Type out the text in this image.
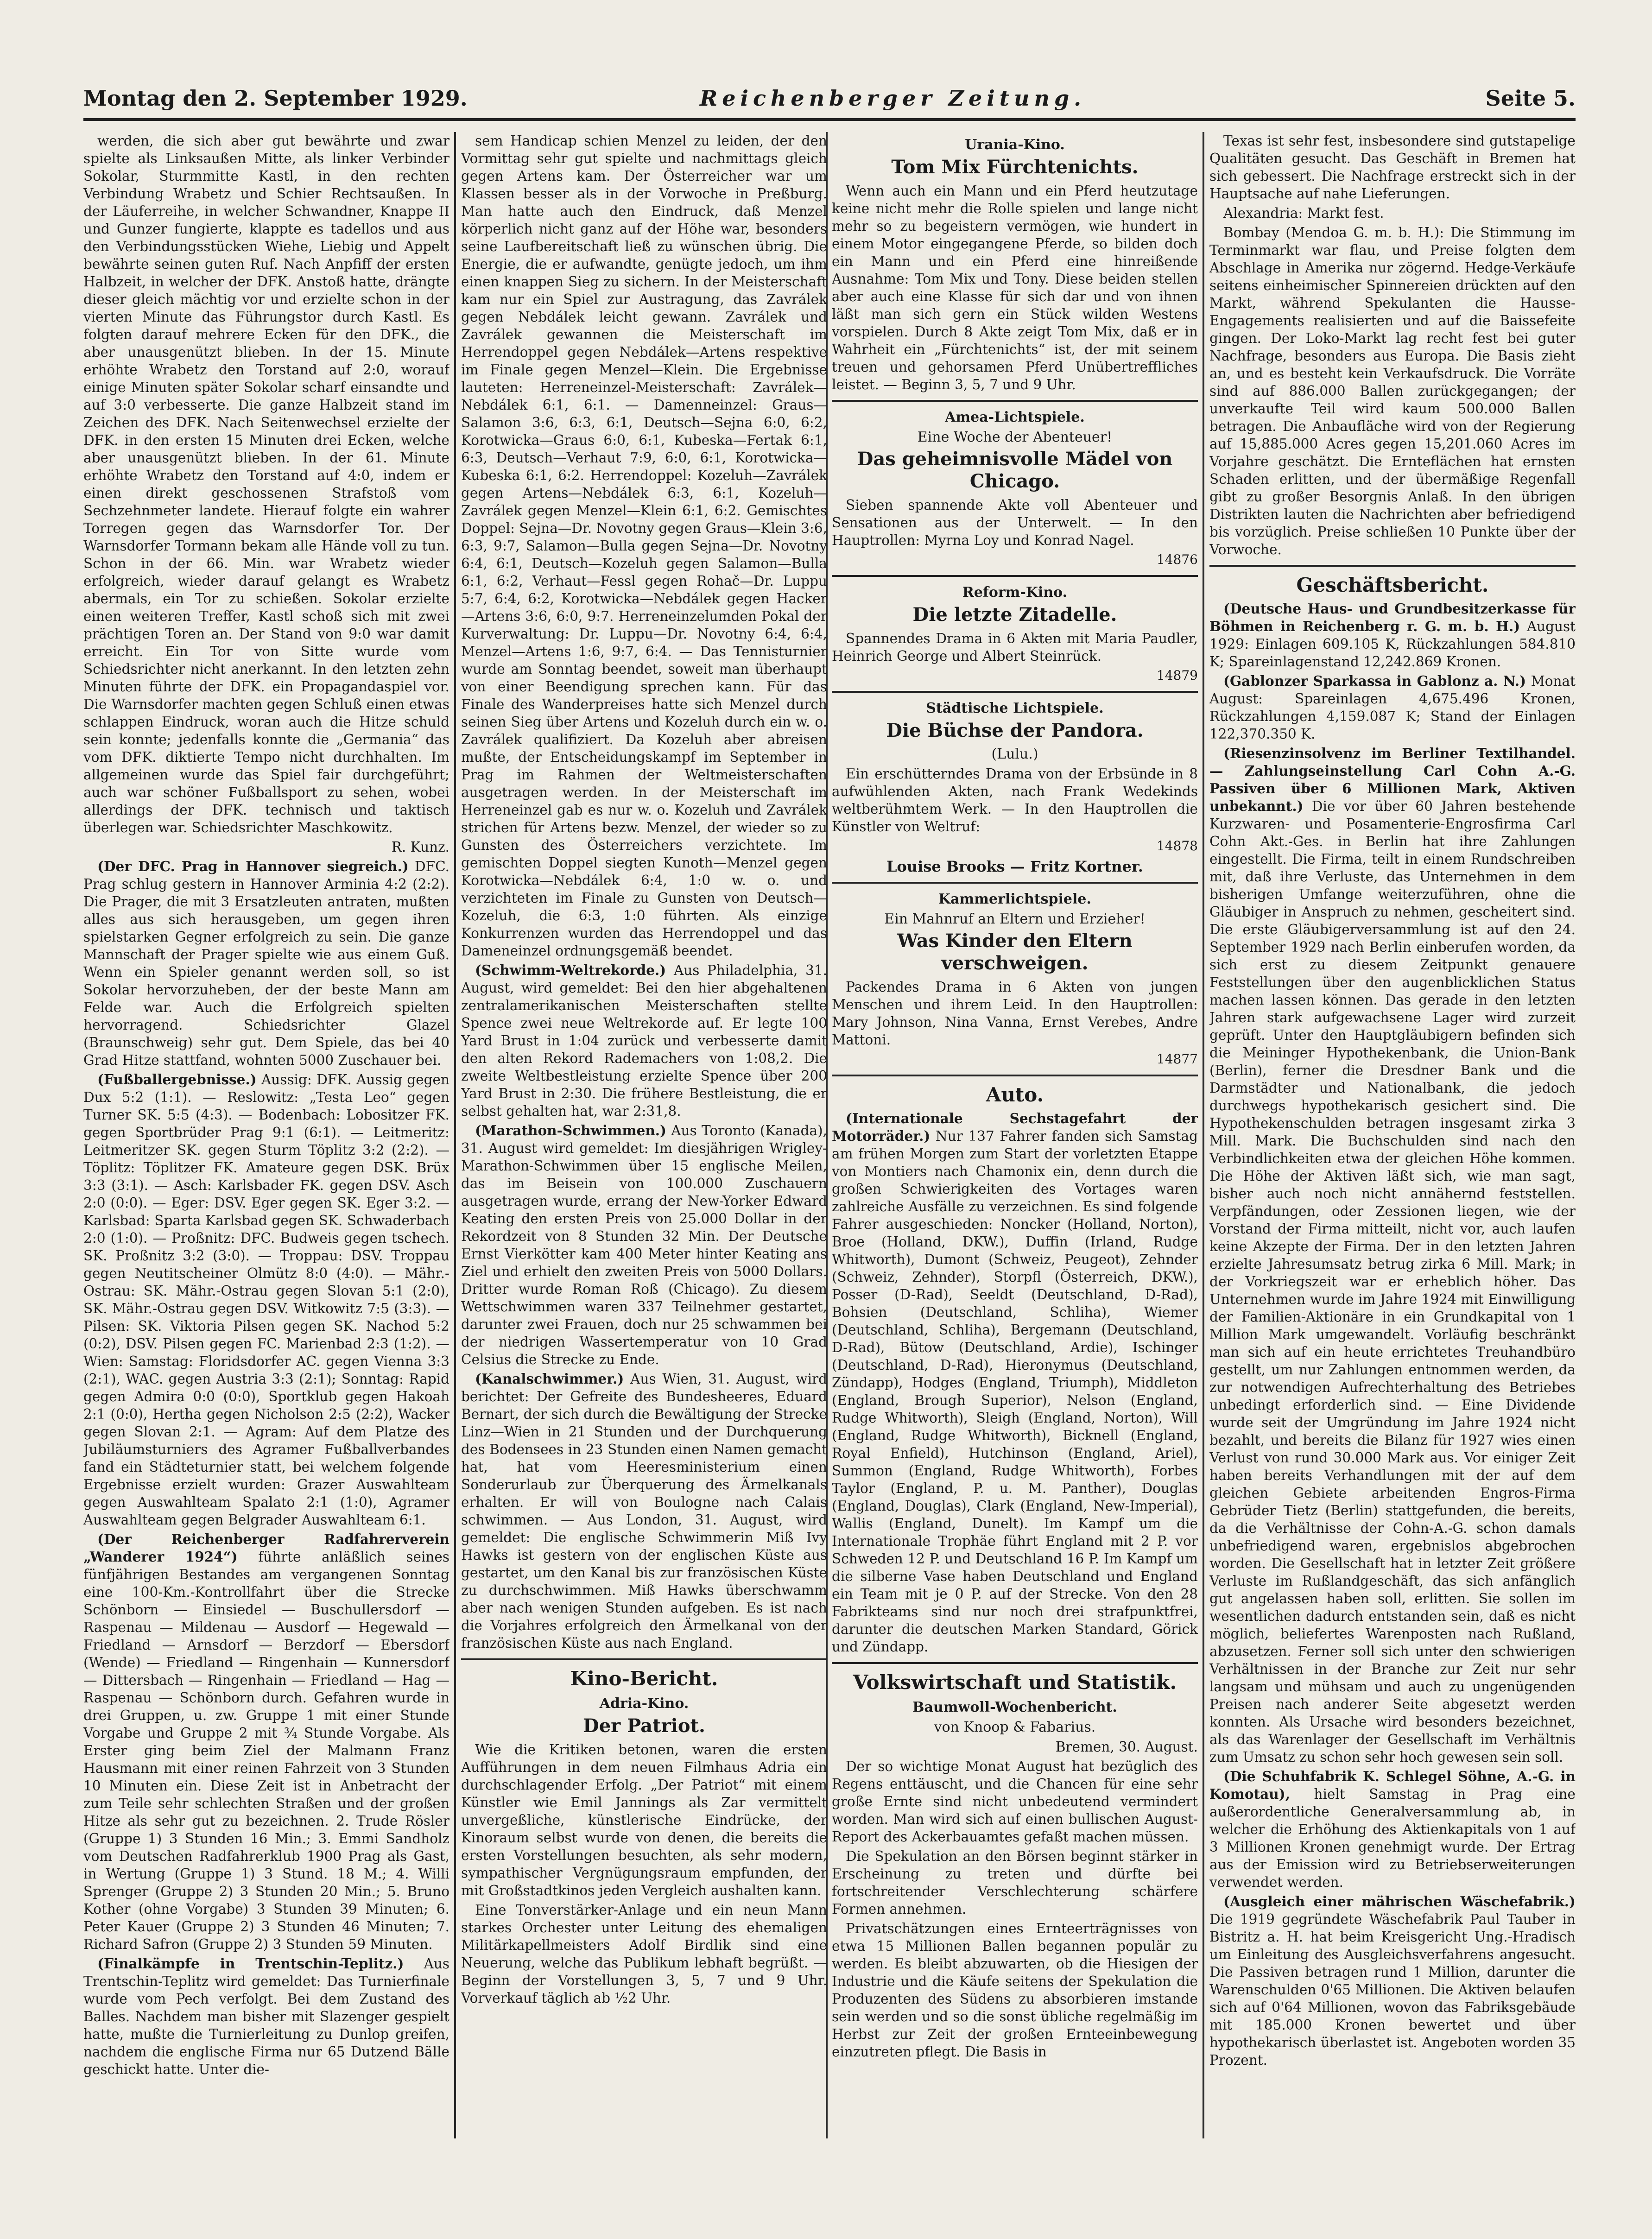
Montag den 2. September 1929.	Reichenberger Zeitung.	Seite 5.

werden, die sich aber gut bewährte und zwar spielte als Linksaußen Mitte, als linker Verbinder Sokolar, Sturmmitte Kastl, in den rechten Verbindung Wrabetz und Schier Rechtsaußen. In der Läuferreihe, in welcher Schwandner, Knappe II und Gunzer fungierte, klappte es tadellos und aus den Verbindungsstücken Wiehe, Liebig und Appelt bewährte seinen guten Ruf. Nach Anpfiff der ersten Halbzeit, in welcher der DFK. Anstoß hatte, drängte dieser gleich mächtig vor und erzielte schon in der vierten Minute das Führungstor durch Kastl. Es folgten darauf mehrere Ecken für den DFK., die aber unausgenützt blieben. In der 15. Minute erhöhte Wrabetz den Torstand auf 2:0, worauf einige Minuten später Sokolar scharf einsandte und auf 3:0 verbesserte. Die ganze Halbzeit stand im Zeichen des DFK. Nach Seitenwechsel erzielte der DFK. in den ersten 15 Minuten drei Ecken, welche aber unausgenützt blieben. In der 61. Minute erhöhte Wrabetz den Torstand auf 4:0, indem er einen direkt geschossenen Strafstoß vom Sechzehnmeter landete. Hierauf folgte ein wahrer Torregen gegen das Warnsdorfer Tor. Der Warnsdorfer Tormann bekam alle Hände voll zu tun. Schon in der 66. Min. war Wrabetz wieder erfolgreich, wieder darauf gelangt es Wrabetz abermals, ein Tor zu schießen. Sokolar erzielte einen weiteren Treffer, Kastl schoß sich mit zwei prächtigen Toren an. Der Stand von 9:0 war damit erreicht. Ein Tor von Sitte wurde vom Schiedsrichter nicht anerkannt. In den letzten zehn Minuten führte der DFK. ein Propagandaspiel vor. Die Warnsdorfer machten gegen Schluß einen etwas schlappen Eindruck, woran auch die Hitze schuld sein konnte; jedenfalls konnte die „Germania“ das vom DFK. diktierte Tempo nicht durchhalten. Im allgemeinen wurde das Spiel fair durchgeführt; auch war schöner Fußballsport zu sehen, wobei allerdings der DFK. technisch und taktisch überlegen war. Schiedsrichter Maschkowitz.

R. Kunz.

(Der DFC. Prag in Hannover siegreich.) DFC. Prag schlug gestern in Hannover Arminia 4:2 (2:2). Die Prager, die mit 3 Ersatzleuten antraten, mußten alles aus sich herausgeben, um gegen ihren spielstarken Gegner erfolgreich zu sein. Die ganze Mannschaft der Prager spielte wie aus einem Guß. Wenn ein Spieler genannt werden soll, so ist Sokolar hervorzuheben, der der beste Mann am Felde war. Auch die Erfolgreich spielten hervorragend. Schiedsrichter Glazel (Braunschweig) sehr gut. Dem Spiele, das bei 40 Grad Hitze stattfand, wohnten 5000 Zuschauer bei.

(Fußballergebnisse.) Aussig: DFK. Aussig gegen Dux 5:2 (1:1). — Reslowitz: „Testa Leo“ gegen Turner SK. 5:5 (4:3). — Bodenbach: Lobositzer FK. gegen Sportbrüder Prag 9:1 (6:1). — Leitmeritz: Leitmeritzer SK. gegen Sturm Töplitz 3:2 (2:2). — Töplitz: Töplitzer FK. Amateure gegen DSK. Brüx 3:3 (3:1). — Asch: Karlsbader FK. gegen DSV. Asch 2:0 (0:0). — Eger: DSV. Eger gegen SK. Eger 3:2. — Karlsbad: Sparta Karlsbad gegen SK. Schwaderbach 2:0 (1:0). — Proßnitz: DFC. Budweis gegen tschech. SK. Proßnitz 3:2 (3:0). — Troppau: DSV. Troppau gegen Neutitscheiner Olmütz 8:0 (4:0). — Mähr.-Ostrau: SK. Mähr.-Ostrau gegen Slovan 5:1 (2:0), SK. Mähr.-Ostrau gegen DSV. Witkowitz 7:5 (3:3). — Pilsen: SK. Viktoria Pilsen gegen SK. Nachod 5:2 (0:2), DSV. Pilsen gegen FC. Marienbad 2:3 (1:2). — Wien: Samstag: Floridsdorfer AC. gegen Vienna 3:3 (2:1), WAC. gegen Austria 3:3 (2:1); Sonntag: Rapid gegen Admira 0:0 (0:0), Sportklub gegen Hakoah 2:1 (0:0), Hertha gegen Nicholson 2:5 (2:2), Wacker gegen Slovan 2:1. — Agram: Auf dem Platze des Jubiläumsturniers des Agramer Fußballverbandes fand ein Städteturnier statt, bei welchem folgende Ergebnisse erzielt wurden: Grazer Auswahlteam gegen Auswahlteam Spalato 2:1 (1:0), Agramer Auswahlteam gegen Belgrader Auswahlteam 6:1.

(Der Reichenberger Radfahrerverein „Wanderer 1924“) führte anläßlich seines fünfjährigen Bestandes am vergangenen Sonntag eine 100-Km.-Kontrollfahrt über die Strecke Schönborn — Einsiedel — Buschullersdorf — Raspenau — Mildenau — Ausdorf — Hegewald — Friedland — Arnsdorf — Berzdorf — Ebersdorf (Wende) — Friedland — Ringenhain — Kunnersdorf — Dittersbach — Ringenhain — Friedland — Hag — Raspenau — Schönborn durch. Gefahren wurde in drei Gruppen, u. zw. Gruppe 1 mit einer Stunde Vorgabe und Gruppe 2 mit ¾ Stunde Vorgabe. Als Erster ging beim Ziel der Malmann Franz Hausmann mit einer reinen Fahrzeit von 3 Stunden 10 Minuten ein. Diese Zeit ist in Anbetracht der zum Teile sehr schlechten Straßen und der großen Hitze als sehr gut zu bezeichnen. 2. Trude Rösler (Gruppe 1) 3 Stunden 16 Min.; 3. Emmi Sandholz vom Deutschen Radfahrerklub 1900 Prag als Gast, in Wertung (Gruppe 1) 3 Stund. 18 M.; 4. Willi Sprenger (Gruppe 2) 3 Stunden 20 Min.; 5. Bruno Kother (ohne Vorgabe) 3 Stunden 39 Minuten; 6. Peter Kauer (Gruppe 2) 3 Stunden 46 Minuten; 7. Richard Safron (Gruppe 2) 3 Stunden 59 Minuten.

(Finalkämpfe in Trentschin-Teplitz.) Aus Trentschin-Teplitz wird gemeldet: Das Turnierfinale wurde vom Pech verfolgt. Bei dem Zustand des Balles. Nachdem man bisher mit Slazenger gespielt hatte, mußte die Turnierleitung zu Dunlop greifen, nachdem die englische Firma nur 65 Dutzend Bälle geschickt hatte. Unter die-

sem Handicap schien Menzel zu leiden, der den Vormittag sehr gut spielte und nachmittags gleich gegen Artens kam. Der Österreicher war um Klassen besser als in der Vorwoche in Preßburg. Man hatte auch den Eindruck, daß Menzel körperlich nicht ganz auf der Höhe war, besonders seine Laufbereitschaft ließ zu wünschen übrig. Die Energie, die er aufwandte, genügte jedoch, um ihm einen knappen Sieg zu sichern. In der Meisterschaft kam nur ein Spiel zur Austragung, das Zavrálek gegen Nebdálek leicht gewann. Zavrálek und Zavrálek gewannen die Meisterschaft im Herrendoppel gegen Nebdálek—Artens respektive im Finale gegen Menzel—Klein. Die Ergebnisse lauteten: Herreneinzel-Meisterschaft: Zavrálek—Nebdálek 6:1, 6:1. — Damenneinzel: Graus—Salamon 3:6, 6:3, 6:1, Deutsch—Sejna 6:0, 6:2, Korotwicka—Graus 6:0, 6:1, Kubeska—Fertak 6:1, 6:3, Deutsch—Verhaut 7:9, 6:0, 6:1, Korotwicka—Kubeska 6:1, 6:2. Herrendoppel: Kozeluh—Zavrálek gegen Artens—Nebdálek 6:3, 6:1, Kozeluh—Zavrálek gegen Menzel—Klein 6:1, 6:2. Gemischtes Doppel: Sejna—Dr. Novotny gegen Graus—Klein 3:6, 6:3, 9:7, Salamon—Bulla gegen Sejna—Dr. Novotny 6:4, 6:1, Deutsch—Kozeluh gegen Salamon—Bulla 6:1, 6:2, Verhaut—Fessl gegen Rohač—Dr. Luppu 5:7, 6:4, 6:2, Korotwicka—Nebdálek gegen Hacker—Artens 3:6, 6:0, 9:7. Herreneinzelumden Pokal der Kurverwaltung: Dr. Luppu—Dr. Novotny 6:4, 6:4, Menzel—Artens 1:6, 9:7, 6:4. — Das Tennisturnier wurde am Sonntag beendet, soweit man überhaupt von einer Beendigung sprechen kann. Für das Finale des Wanderpreises hatte sich Menzel durch seinen Sieg über Artens und Kozeluh durch ein w. o. Zavrálek qualifiziert. Da Kozeluh aber abreisen mußte, der Entscheidungskampf im September in Prag im Rahmen der Weltmeisterschaften ausgetragen werden. In der Meisterschaft im Herreneinzel gab es nur w. o. Kozeluh und Zavrálek strichen für Artens bezw. Menzel, der wieder so zu Gunsten des Österreichers verzichtete. Im gemischten Doppel siegten Kunoth—Menzel gegen Korotwicka—Nebdálek 6:4, 1:0 w. o. und verzichteten im Finale zu Gunsten von Deutsch—Kozeluh, die 6:3, 1:0 führten. Als einzige Konkurrenzen wurden das Herrendoppel und das Dameneinzel ordnungsgemäß beendet.

(Schwimm-Weltrekorde.) Aus Philadelphia, 31. August, wird gemeldet: Bei den hier abgehaltenen zentralamerikanischen Meisterschaften stellte Spence zwei neue Weltrekorde auf. Er legte 100 Yard Brust in 1:04 zurück und verbesserte damit den alten Rekord Rademachers von 1:08,2. Die zweite Weltbestleistung erzielte Spence über 200 Yard Brust in 2:30. Die frühere Bestleistung, die er selbst gehalten hat, war 2:31,8.

(Marathon-Schwimmen.) Aus Toronto (Kanada), 31. August wird gemeldet: Im diesjährigen Wrigley-Marathon-Schwimmen über 15 englische Meilen, das im Beisein von 100.000 Zuschauern ausgetragen wurde, errang der New-Yorker Edward Keating den ersten Preis von 25.000 Dollar in der Rekordzeit von 8 Stunden 32 Min. Der Deutsche Ernst Vierkötter kam 400 Meter hinter Keating ans Ziel und erhielt den zweiten Preis von 5000 Dollars. Dritter wurde Roman Roß (Chicago). Zu diesem Wettschwimmen waren 337 Teilnehmer gestartet, darunter zwei Frauen, doch nur 25 schwammen bei der niedrigen Wassertemperatur von 10 Grad Celsius die Strecke zu Ende.

(Kanalschwimmer.) Aus Wien, 31. August, wird berichtet: Der Gefreite des Bundesheeres, Eduard Bernart, der sich durch die Bewältigung der Strecke Linz—Wien in 21 Stunden und der Durchquerung des Bodensees in 23 Stunden einen Namen gemacht hat, hat vom Heeresministerium einen Sonderurlaub zur Überquerung des Ärmelkanals erhalten. Er will von Boulogne nach Calais schwimmen. — Aus London, 31. August, wird gemeldet: Die englische Schwimmerin Miß Ivy Hawks ist gestern von der englischen Küste aus gestartet, um den Kanal bis zur französischen Küste zu durchschwimmen. Miß Hawks überschwamm aber nach wenigen Stunden aufgeben. Es ist nach die Vorjahres erfolgreich den Ärmelkanal von der französischen Küste aus nach England.

Kino-Bericht.
Adria-Kino.
Der Patriot.

Wie die Kritiken betonen, waren die ersten Aufführungen in dem neuen Filmhaus Adria ein durchschlagender Erfolg. „Der Patriot“ mit einem Künstler wie Emil Jannings als Zar vermittelt unvergeßliche, künstlerische Eindrücke, der Kinoraum selbst wurde von denen, die bereits die ersten Vorstellungen besuchten, als sehr modern, sympathischer Vergnügungsraum empfunden, der mit Großstadtkinos jeden Vergleich aushalten kann.

Eine Tonverstärker-Anlage und ein neun Mann starkes Orchester unter Leitung des ehemaligen Militärkapellmeisters Adolf Birdlik sind eine Neuerung, welche das Publikum lebhaft begrüßt. — Beginn der Vorstellungen 3, 5, 7 und 9 Uhr. Vorverkauf täglich ab ½2 Uhr.

Urania-Kino.
Tom Mix Fürchtenichts.

Wenn auch ein Mann und ein Pferd heutzutage keine nicht mehr die Rolle spielen und lange nicht mehr so zu begeistern vermögen, wie hundert in einem Motor eingegangene Pferde, so bilden doch ein Mann und ein Pferd eine hinreißende Ausnahme: Tom Mix und Tony. Diese beiden stellen aber auch eine Klasse für sich dar und von ihnen läßt man sich gern ein Stück wilden Westens vorspielen. Durch 8 Akte zeigt Tom Mix, daß er in Wahrheit ein „Fürchtenichts“ ist, der mit seinem treuen und gehorsamen Pferd Unübertreffliches leistet. — Beginn 3, 5, 7 und 9 Uhr.

Amea-Lichtspiele.
Eine Woche der Abenteuer!
Das geheimnisvolle Mädel von Chicago.

Sieben spannende Akte voll Abenteuer und Sensationen aus der Unterwelt. — In den Hauptrollen: Myrna Loy und Konrad Nagel.

14876

Reform-Kino.
Die letzte Zitadelle.

Spannendes Drama in 6 Akten mit Maria Paudler, Heinrich George und Albert Steinrück.

14879

Städtische Lichtspiele.
Die Büchse der Pandora.
(Lulu.)

Ein erschütterndes Drama von der Erbsünde in 8 aufwühlenden Akten, nach Frank Wedekinds weltberühmtem Werk. — In den Hauptrollen die Künstler von Weltruf:

14878

Louise Brooks — Fritz Kortner.
Kammerlichtspiele.
Ein Mahnruf an Eltern und Erzieher!
Was Kinder den Eltern verschweigen.

Packendes Drama in 6 Akten von jungen Menschen und ihrem Leid. In den Hauptrollen: Mary Johnson, Nina Vanna, Ernst Verebes, Andre Mattoni.

14877

Auto.

(Internationale Sechstagefahrt der Motorräder.) Nur 137 Fahrer fanden sich Samstag am frühen Morgen zum Start der vorletzten Etappe von Montiers nach Chamonix ein, denn durch die großen Schwierigkeiten des Vortages waren zahlreiche Ausfälle zu verzeichnen. Es sind folgende Fahrer ausgeschieden: Noncker (Holland, Norton), Broe (Holland, DKW.), Duffin (Irland, Rudge Whitworth), Dumont (Schweiz, Peugeot), Zehnder (Schweiz, Zehnder), Storpfl (Österreich, DKW.), Posser (D-Rad), Seeldt (Deutschland, D-Rad), Bohsien (Deutschland, Schliha), Wiemer (Deutschland, Schliha), Bergemann (Deutschland, D-Rad), Bütow (Deutschland, Ardie), Ischinger (Deutschland, D-Rad), Hieronymus (Deutschland, Zündapp), Hodges (England, Triumph), Middleton (England, Brough Superior), Nelson (England, Rudge Whitworth), Sleigh (England, Norton), Will (England, Rudge Whitworth), Bicknell (England, Royal Enfield), Hutchinson (England, Ariel), Summon (England, Rudge Whitworth), Forbes Taylor (England, P. u. M. Panther), Douglas (England, Douglas), Clark (England, New-Imperial), Wallis (England, Dunelt). Im Kampf um die Internationale Trophäe führt England mit 2 P. vor Schweden 12 P. und Deutschland 16 P. Im Kampf um die silberne Vase haben Deutschland und England ein Team mit je 0 P. auf der Strecke. Von den 28 Fabrikteams sind nur noch drei strafpunktfrei, darunter die deutschen Marken Standard, Görick und Zündapp.

Volkswirtschaft und Statistik.
Baumwoll-Wochenbericht.
von Knoop & Fabarius.

Bremen, 30. August.

Der so wichtige Monat August hat bezüglich des Regens enttäuscht, und die Chancen für eine sehr große Ernte sind nicht unbedeutend vermindert worden. Man wird sich auf einen bullischen August-Report des Ackerbauamtes gefaßt machen müssen.

Die Spekulation an den Börsen beginnt stärker in Erscheinung zu treten und dürfte bei fortschreitender Verschlechterung schärfere Formen annehmen.

Privatschätzungen eines Ernteerträgnisses von etwa 15 Millionen Ballen begannen populär zu werden. Es bleibt abzuwarten, ob die Hiesigen der Industrie und die Käufe seitens der Spekulation die Produzenten des Südens zu absorbieren imstande sein werden und so die sonst übliche regelmäßig im Herbst zur Zeit der großen Ernteeinbewegung einzutreten pflegt. Die Basis in

Texas ist sehr fest, insbesondere sind gutstapelige Qualitäten gesucht. Das Geschäft in Bremen hat sich gebessert. Die Nachfrage erstreckt sich in der Hauptsache auf nahe Lieferungen.

Alexandria: Markt fest.

Bombay (Mendoa G. m. b. H.): Die Stimmung im Terminmarkt war flau, und Preise folgten dem Abschlage in Amerika nur zögernd. Hedge-Verkäufe seitens einheimischer Spinnereien drückten auf den Markt, während Spekulanten die Hausse-Engagements realisierten und auf die Baissefeite gingen. Der Loko-Markt lag recht fest bei guter Nachfrage, besonders aus Europa. Die Basis zieht an, und es besteht kein Verkaufsdruck. Die Vorräte sind auf 886.000 Ballen zurückgegangen; der unverkaufte Teil wird kaum 500.000 Ballen betragen. Die Anbaufläche wird von der Regierung auf 15,885.000 Acres gegen 15,201.060 Acres im Vorjahre geschätzt. Die Ernteflächen hat ernsten Schaden erlitten, und der übermäßige Regenfall gibt zu großer Besorgnis Anlaß. In den übrigen Distrikten lauten die Nachrichten aber befriedigend bis vorzüglich. Preise schließen 10 Punkte über der Vorwoche.

Geschäftsbericht.

(Deutsche Haus- und Grundbesitzerkasse für Böhmen in Reichenberg r. G. m. b. H.) August 1929: Einlagen 609.105 K, Rückzahlungen 584.810 K; Spareinlagenstand 12,242.869 Kronen.

(Gablonzer Sparkassa in Gablonz a. N.) Monat August: Spareinlagen 4,675.496 Kronen, Rückzahlungen 4,159.087 K; Stand der Einlagen 122,370.350 K.

(Riesenzinsolvenz im Berliner Textilhandel. — Zahlungseinstellung Carl Cohn A.-G. Passiven über 6 Millionen Mark, Aktiven unbekannt.) Die vor über 60 Jahren bestehende Kurzwaren- und Posamenterie-Engrosfirma Carl Cohn Akt.-Ges. in Berlin hat ihre Zahlungen eingestellt. Die Firma, teilt in einem Rundschreiben mit, daß ihre Verluste, das Unternehmen in dem bisherigen Umfange weiterzuführen, ohne die Gläubiger in Anspruch zu nehmen, gescheitert sind. Die erste Gläubigerversammlung ist auf den 24. September 1929 nach Berlin einberufen worden, da sich erst zu diesem Zeitpunkt genauere Feststellungen über den augenblicklichen Status machen lassen können. Das gerade in den letzten Jahren stark aufgewachsene Lager wird zurzeit geprüft. Unter den Hauptgläubigern befinden sich die Meininger Hypothekenbank, die Union-Bank (Berlin), ferner die Dresdner Bank und die Darmstädter und Nationalbank, die jedoch durchwegs hypothekarisch gesichert sind. Die Hypothekenschulden betragen insgesamt zirka 3 Mill. Mark. Die Buchschulden sind nach den Verbindlichkeiten etwa der gleichen Höhe kommen. Die Höhe der Aktiven läßt sich, wie man sagt, bisher auch noch nicht annähernd feststellen. Verpfändungen, oder Zessionen liegen, wie der Vorstand der Firma mitteilt, nicht vor, auch laufen keine Akzepte der Firma. Der in den letzten Jahren erzielte Jahresumsatz betrug zirka 6 Mill. Mark; in der Vorkriegszeit war er erheblich höher. Das Unternehmen wurde im Jahre 1924 mit Einwilligung der Familien-Aktionäre in ein Grundkapital von 1 Million Mark umgewandelt. Vorläufig beschränkt man sich auf ein heute errichtetes Treuhandbüro gestellt, um nur Zahlungen entnommen werden, da zur notwendigen Aufrechterhaltung des Betriebes unbedingt erforderlich sind. — Eine Dividende wurde seit der Umgründung im Jahre 1924 nicht bezahlt, und bereits die Bilanz für 1927 wies einen Verlust von rund 30.000 Mark aus. Vor einiger Zeit haben bereits Verhandlungen mit der auf dem gleichen Gebiete arbeitenden Engros-Firma Gebrüder Tietz (Berlin) stattgefunden, die bereits, da die Verhältnisse der Cohn-A.-G. schon damals unbefriedigend waren, ergebnislos abgebrochen worden. Die Gesellschaft hat in letzter Zeit größere Verluste im Rußlandgeschäft, das sich anfänglich gut angelassen haben soll, erlitten. Sie sollen im wesentlichen dadurch entstanden sein, daß es nicht möglich, beliefertes Warenposten nach Rußland, abzusetzen. Ferner soll sich unter den schwierigen Verhältnissen in der Branche zur Zeit nur sehr langsam und mühsam und auch zu ungenügenden Preisen nach anderer Seite abgesetzt werden konnten. Als Ursache wird besonders bezeichnet, als das Warenlager der Gesellschaft im Verhältnis zum Umsatz zu schon sehr hoch gewesen sein soll.

(Die Schuhfabrik K. Schlegel Söhne, A.-G. in Komotau), hielt Samstag in Prag eine außerordentliche Generalversammlung ab, in welcher die Erhöhung des Aktienkapitals von 1 auf 3 Millionen Kronen genehmigt wurde. Der Ertrag aus der Emission wird zu Betriebserweiterungen verwendet werden.

(Ausgleich einer mährischen Wäschefabrik.) Die 1919 gegründete Wäschefabrik Paul Tauber in Bistritz a. H. hat beim Kreisgericht Ung.-Hradisch um Einleitung des Ausgleichsverfahrens angesucht. Die Passiven betragen rund 1 Million, darunter die Warenschulden 0'65 Millionen. Die Aktiven belaufen sich auf 0'64 Millionen, wovon das Fabriksgebäude mit 185.000 Kronen bewertet und über hypothekarisch überlastet ist. Angeboten worden 35 Prozent.
